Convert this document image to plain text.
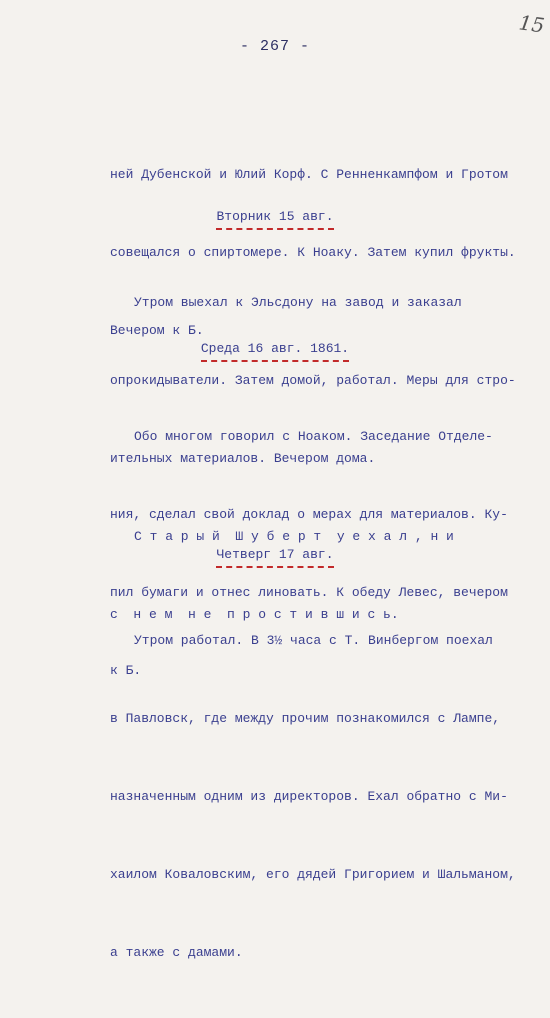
- 267 -
15

ней Дубенской и Юлий Корф. С Ренненкампфом и Гротом

совещался о спиртомере. К Ноаку. Затем купил фрукты.

Вечером к Б.

Вторник 15 авг.

Утром выехал к Эльсдону на завод и заказал

опрокидыватели. Затем домой, работал. Меры для стро-

ительных материалов. Вечером дома.

Среда 16 авг. 1861.

Обо многом говорил с Ноаком. Заседание Отделе-

ния, сделал свой доклад о мерах для материалов. Ку-

пил бумаги и отнес линовать. К обеду Левес, вечером

к Б.

С т а р ы й  Ш у б е р т  у е х а л , н и

с  н е м  н е  п р о с т и в ш и с ь.

Четверг 17 авг.

Утром работал. В 3½ часа с Т. Винбергом поехал

в Павловск, где между прочим познакомился с Лампе,

назначенным одним из директоров. Ехал обратно с Ми-

хаилом Коваловским, его дядей Григорием и Шальманом,

а также с дамами.
